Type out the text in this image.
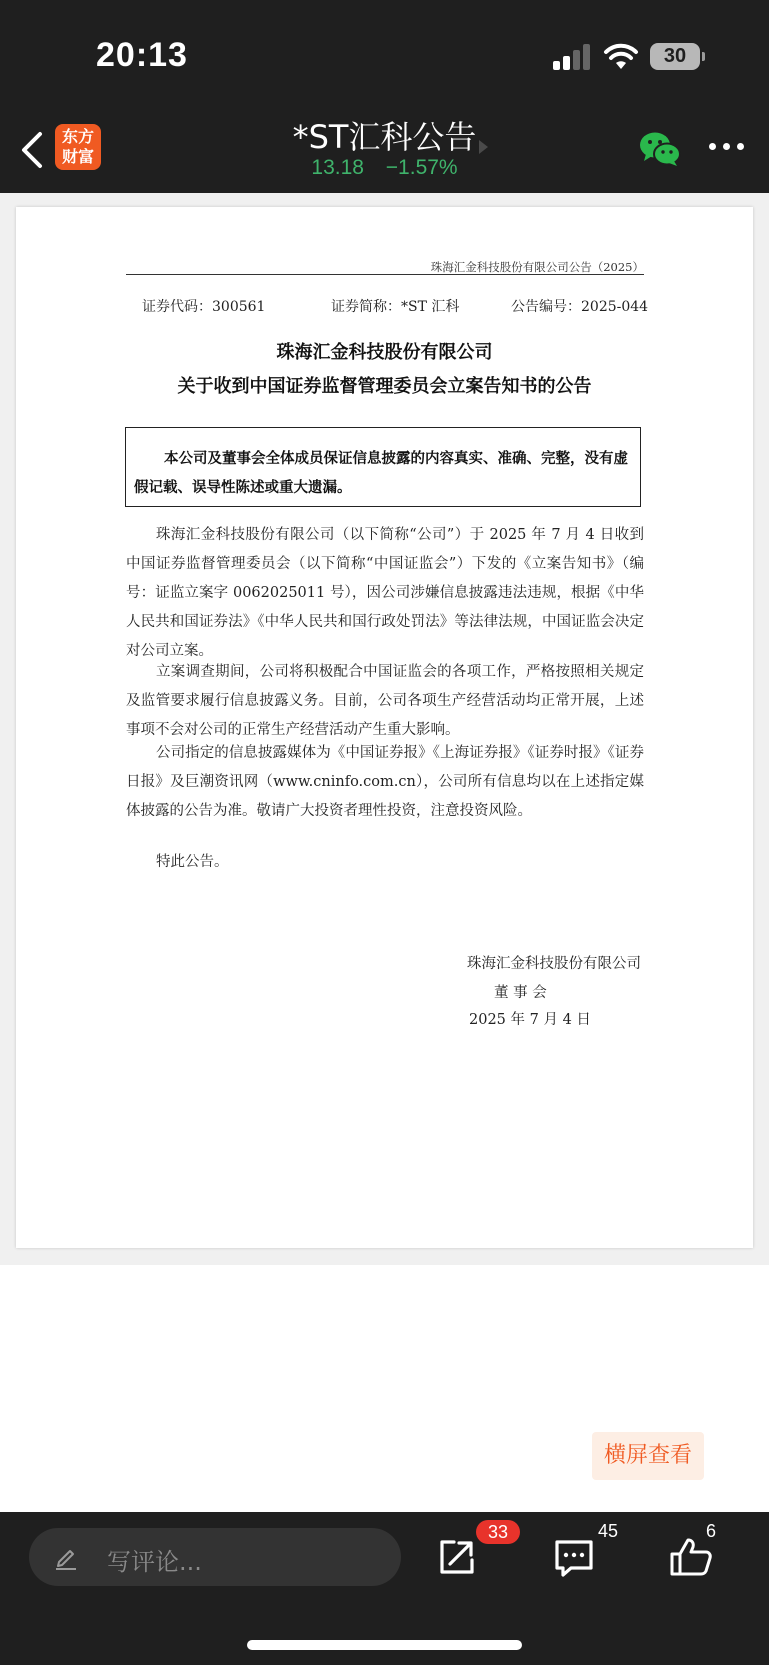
20:13	30
东方
财富
*ST汇科公告
13.18 −1.57%
珠海汇金科技股份有限公司公告（2025）
证券代码：300561	证券简称：*ST 汇科	公告编号：2025-044
珠海汇金科技股份有限公司
关于收到中国证券监督管理委员会立案告知书的公告
本公司及董事会全体成员保证信息披露的内容真实、准确、完整，没有虚假记载、误导性陈述或重大遗漏。
珠海汇金科技股份有限公司（以下简称“公司”）于 2025 年 7 月 4 日收到中国证券监督管理委员会（以下简称“中国证监会”）下发的《立案告知书》（编号：证监立案字 0062025011 号），因公司涉嫌信息披露违法违规，根据《中华人民共和国证券法》《中华人民共和国行政处罚法》等法律法规，中国证监会决定对公司立案。
立案调查期间，公司将积极配合中国证监会的各项工作，严格按照相关规定及监管要求履行信息披露义务。目前，公司各项生产经营活动均正常开展，上述事项不会对公司的正常生产经营活动产生重大影响。
公司指定的信息披露媒体为《中国证券报》《上海证券报》《证券时报》《证券日报》及巨潮资讯网（www.cninfo.com.cn），公司所有信息均以在上述指定媒体披露的公告为准。敬请广大投资者理性投资，注意投资风险。
特此公告。
珠海汇金科技股份有限公司
董 事 会
2025 年 7 月 4 日
横屏查看
写评论...
33	45	6
